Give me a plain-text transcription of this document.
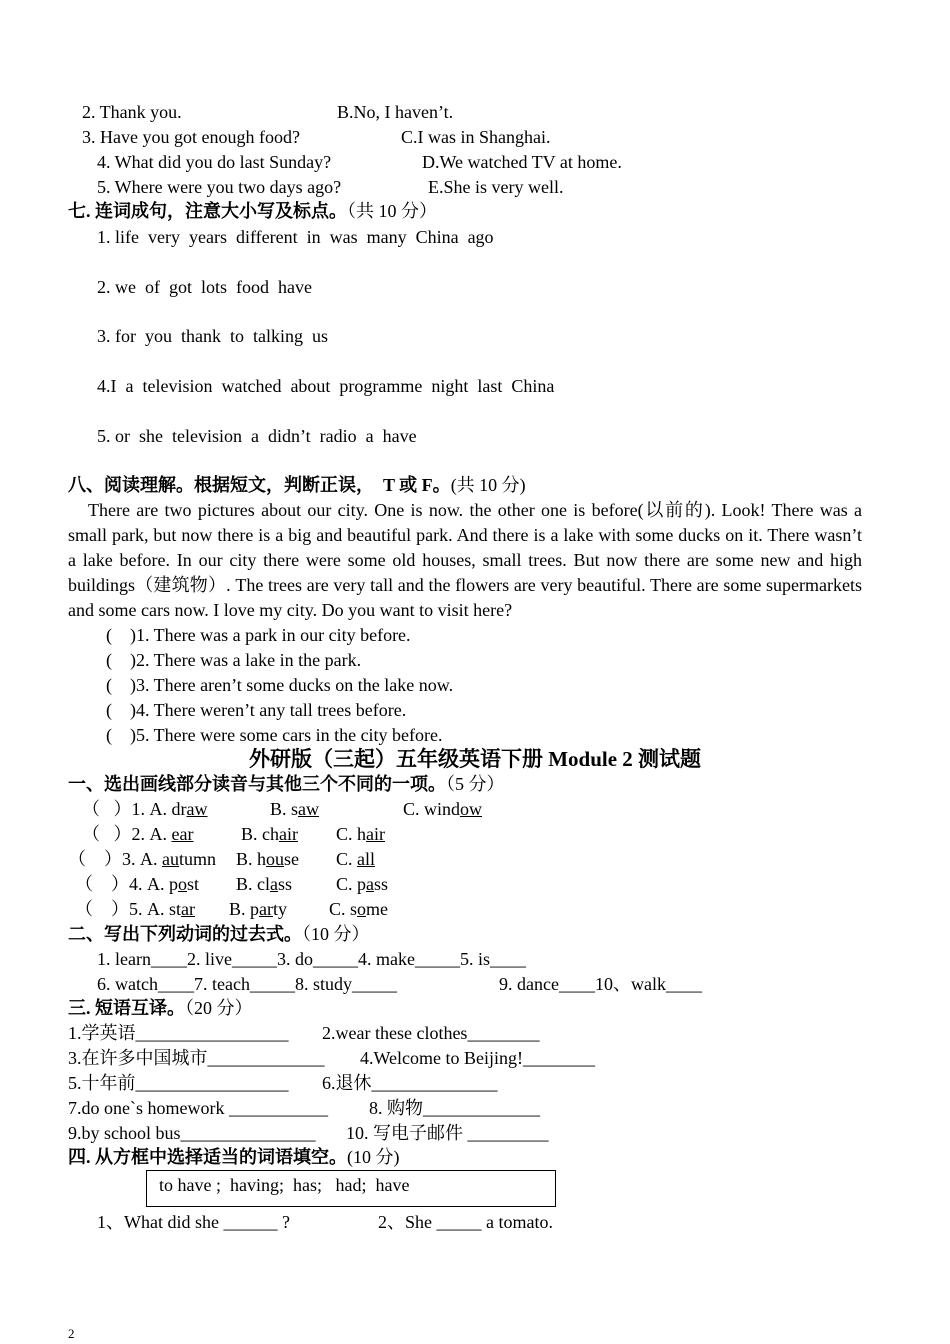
2. Thank you.	B.No, I haven’t.
3. Have you got enough food?	C.I was in Shanghai.
4. What did you do last Sunday?	D.We watched TV at home.
5. Where were you two days ago?	E.She is very well.
七. 连词成句，注意大小写及标点。（共 10 分）
1. life  very  years  different  in  was  many  China  ago
2. we  of  got  lots  food  have
3. for  you  thank  to  talking  us
4.I  a  television  watched  about  programme  night  last  China
5. or  she  television  a  didn’t  radio  a  have
八、阅读理解。根据短文，判断正误，  T 或 F。(共 10 分)
There are two pictures about our city. One is now. the other one is before(以前的). Look! There was a small park, but now there is a big and beautiful park. And there is a lake with some ducks on it. There wasn’t a lake before. In our city there were some old houses, small trees. But now there are some new and high buildings（建筑物）. The trees are very tall and the flowers are very beautiful. There are some supermarkets and some cars now. I love my city. Do you want to visit here?
(    )1. There was a park in our city before.
(    )2. There was a lake in the park.
(    )3. There aren’t some ducks on the lake now.
(    )4. There weren’t any tall trees before.
(    )5. There were some cars in the city before.
外研版（三起）五年级英语下册 Module 2 测试题
一、选出画线部分读音与其他三个不同的一项。（5 分）
（   ）1. A. draw	B. saw	C. window
（   ）2. A. ear	B. chair C. hair
（    ）3. A. autumn B. house C. all
（    ）4. A. post B. class C. pass
（    ）5. A. star B. party C. some
二、写出下列动词的过去式。（10 分）
1. learn____2. live_____3. do_____4. make_____5. is____
6. watch____7. teach_____8. study_____	9. dance____10、walk____
三. 短语互译。（20 分）
1.学英语_________________ 2.wear these clothes________
3.在许多中国城市_____________ 4.Welcome to Beijing!________
5.十年前_________________ 6.退休______________
7.do one`s homework ___________ 8. 购物_____________
9.by school bus_______________ 10. 写电子邮件 _________
四. 从方框中选择适当的词语填空。(10 分)
to have ;  having;  has;   had;  have
1、What did she ______ ?	2、She _____ a tomato.
2
